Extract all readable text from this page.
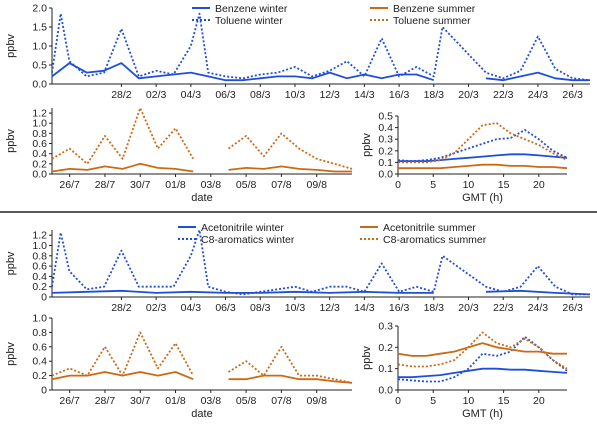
Benzene winter
Toluene winter
Benzene summer
Toluene summer
Acetonitrile winter
C8-aromatics winter
Acetonitrile summer
C8-aromatics summer
0.0
0.5
1.0
1.5
2.0
28/2 02/3 04/3 06/3 08/3 10/3 12/3 14/3 16/3 18/3 20/3 22/3 24/3 26/3
ppbv
0.0
0.2
0.4
0.6
0.8
1.0
1.2
26/7 28/7 30/7 01/8 03/8 05/8 07/8 09/8
ppbv
date
0.0
0.1
0.2
0.3
0.4
0.5
0	5	10 15 20
ppbv
GMT (h)
0
0.2
0.4
0.6
0.8
1.0
1.2
28/2 02/3 04/3 06/3 08/3 10/3 12/3 14/3 16/3 18/3 20/3 22/3 24/3 26/3
ppbv
0
0.2
0.4
0.6
0.8
1.0
26/7 28/7 30/7 01/8 03/8 05/8 07/8 09/8
ppbv
date
0.0
0.1
0.2
0.3
0	5	10 15 20
ppbv
GMT (h)
